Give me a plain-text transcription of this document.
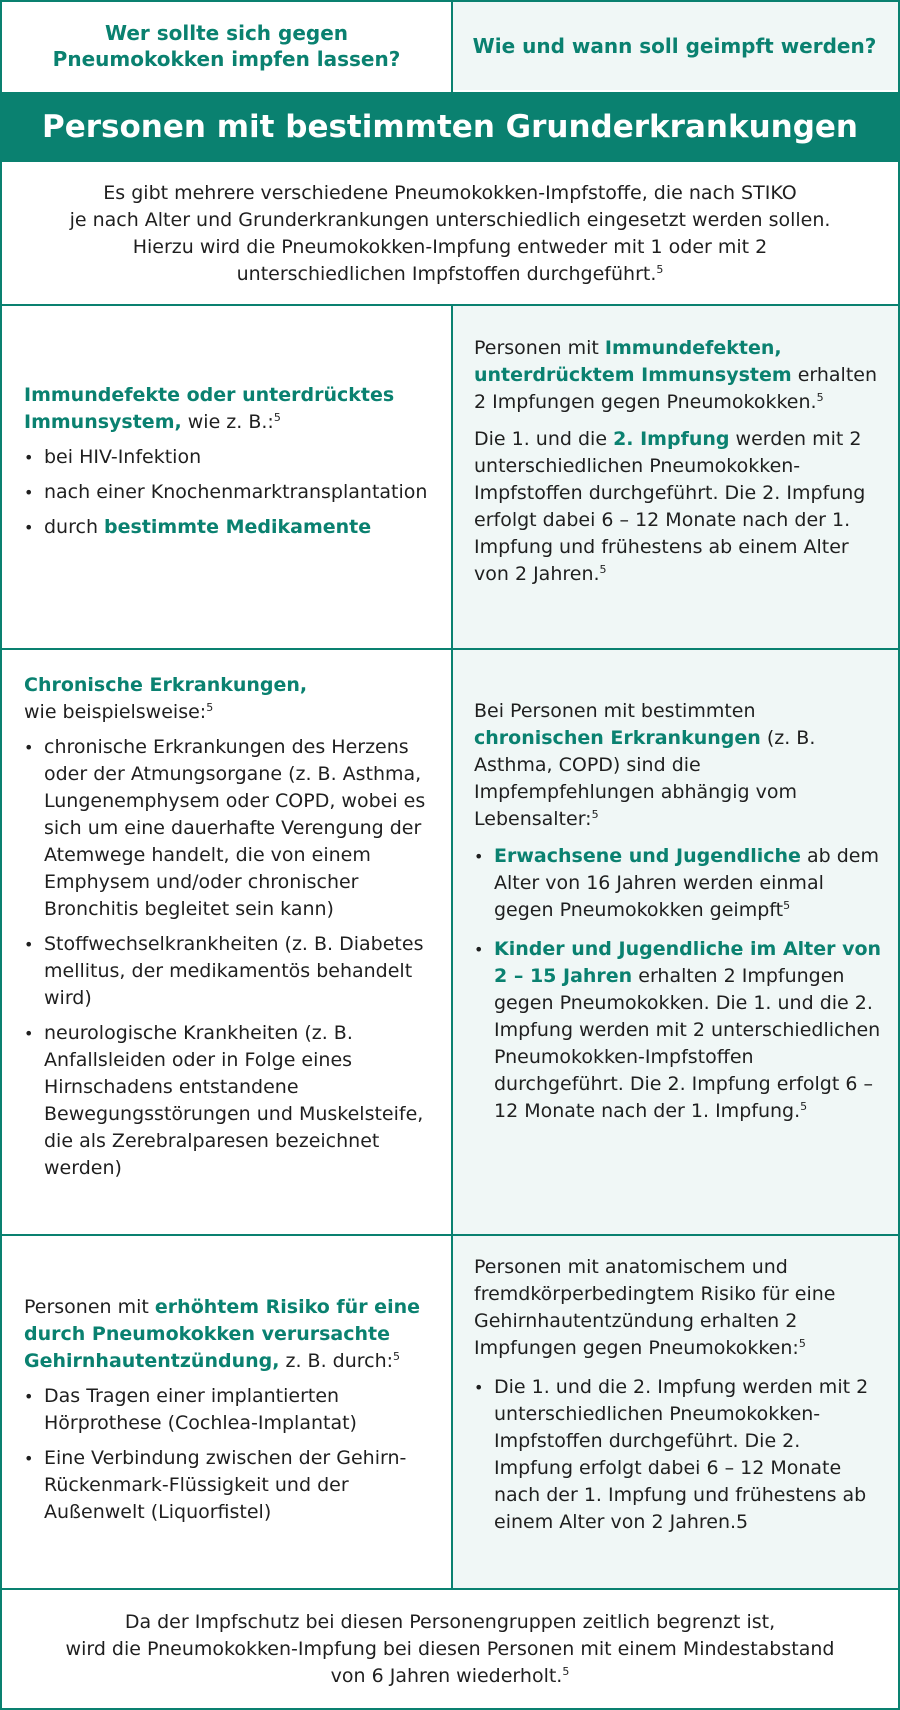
Wer sollte sich gegen Pneumokokken impfen lassen?
Wie und wann soll geimpft werden?
Personen mit bestimmten Grunderkrankungen
Es gibt mehrere verschiedene Pneumokokken-Impfstoffe, die nach STIKO
je nach Alter und Grunderkrankungen unterschiedlich eingesetzt werden sollen.
Hierzu wird die Pneumokokken-Impfung entweder mit 1 oder mit 2
unterschiedlichen Impfstoffen durchgeführt.$^5$

Immundefekte oder unterdrücktes Immunsystem, wie z. B.:$^5$

• bei HIV-Infektion
• nach einer Knochenmarktransplantation
• durch bestimmte Medikamente

Personen mit Immundefekten, unterdrücktem Immunsystem erhalten 2 Impfungen gegen Pneumokokken.$^5$

Die 1. und die 2. Impfung werden mit 2 unterschiedlichen Pneumokokken-Impfstoffen durchgeführt. Die 2. Impfung erfolgt dabei 6 – 12 Monate nach der 1. Impfung und frühestens ab einem Alter von 2 Jahren.$^5$

Chronische Erkrankungen,
wie beispielsweise:$^5$

• chronische Erkrankungen des Herzens oder der Atmungsorgane (z. B. Asthma, Lungenemphysem oder COPD, wobei es sich um eine dauerhafte Verengung der Atemwege handelt, die von einem Emphysem und/oder chronischer Bronchitis begleitet sein kann)
• Stoffwechselkrankheiten (z. B. Diabetes mellitus, der medikamentös behandelt wird)
• neurologische Krankheiten (z. B. Anfallsleiden oder in Folge eines Hirnschadens entstandene Bewegungsstörungen und Muskelsteife, die als Zerebralparesen bezeichnet werden)

Bei Personen mit bestimmten chronischen Erkrankungen (z. B. Asthma, COPD) sind die Impfempfehlungen abhängig vom Lebensalter:$^5$

• Erwachsene und Jugendliche ab dem Alter von 16 Jahren werden einmal gegen Pneumokokken geimpft$^5$
• Kinder und Jugendliche im Alter von 2 – 15 Jahren erhalten 2 Impfungen gegen Pneumokokken. Die 1. und die 2. Impfung werden mit 2 unterschiedlichen Pneumokokken-Impfstoffen durchgeführt. Die 2. Impfung erfolgt 6 – 12 Monate nach der 1. Impfung.$^5$

Personen mit erhöhtem Risiko für eine durch Pneumokokken verursachte Gehirnhautentzündung, z. B. durch:$^5$

• Das Tragen einer implantierten Hörprothese (Cochlea-Implantat)
• Eine Verbindung zwischen der Gehirn-Rückenmark-Flüssigkeit und der Außenwelt (Liquorfistel)

Personen mit anatomischem und fremdkörperbedingtem Risiko für eine Gehirnhautentzündung erhalten 2 Impfungen gegen Pneumokokken:$^5$

• Die 1. und die 2. Impfung werden mit 2 unterschiedlichen Pneumokokken-Impfstoffen durchgeführt. Die 2. Impfung erfolgt dabei 6 – 12 Monate nach der 1. Impfung und frühestens ab einem Alter von 2 Jahren.5
Da der Impfschutz bei diesen Personengruppen zeitlich begrenzt ist,
wird die Pneumokokken-Impfung bei diesen Personen mit einem Mindestabstand
von 6 Jahren wiederholt.$^5$
